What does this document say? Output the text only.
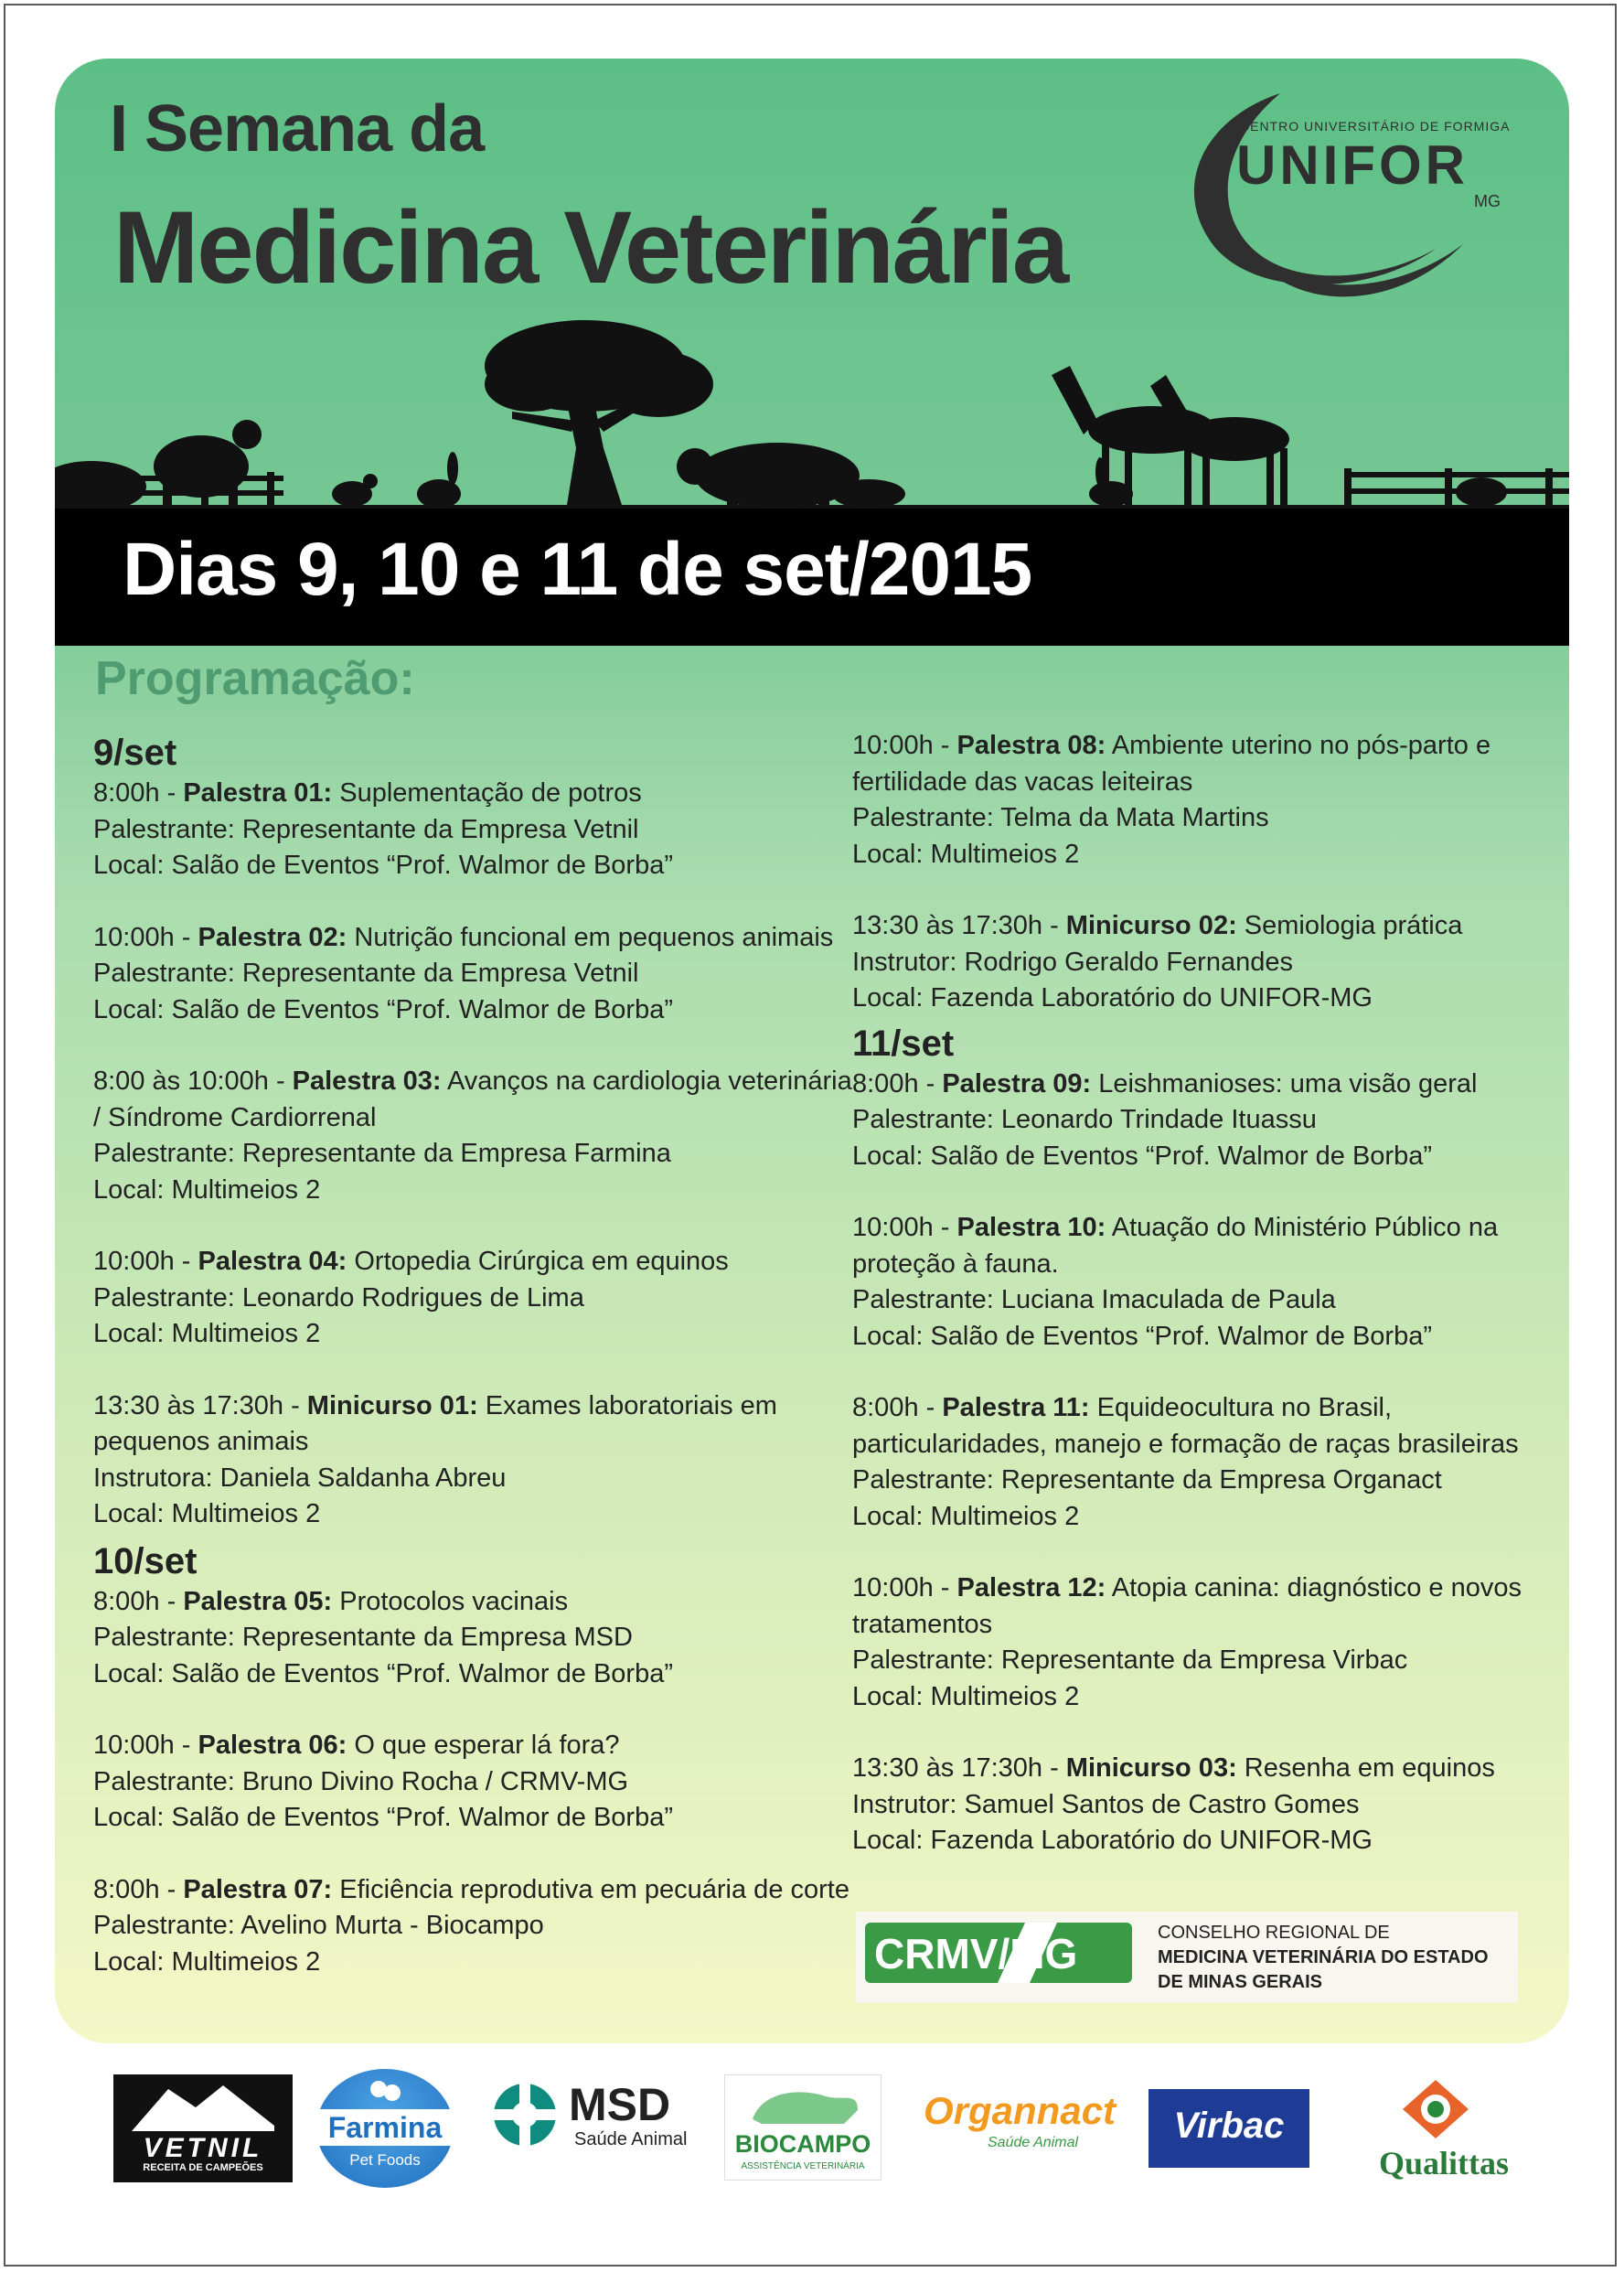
I Semana da
Medicina Veterinária
CENTRO UNIVERSITÁRIO DE FORMIGA
UNIFOR
MG
Dias 9, 10 e 11 de set/2015
Programação:
9/set
8:00h - Palestra 01: Suplementação de potros
Palestrante: Representante da Empresa Vetnil
Local: Salão de Eventos “Prof. Walmor de Borba”
10:00h - Palestra 02: Nutrição funcional em pequenos animais
Palestrante: Representante da Empresa Vetnil
Local: Salão de Eventos “Prof. Walmor de Borba”
8:00 às 10:00h - Palestra 03: Avanços na cardiologia veterinária
/ Síndrome Cardiorrenal
Palestrante: Representante da Empresa Farmina
Local: Multimeios 2
10:00h - Palestra 04: Ortopedia Cirúrgica em equinos
Palestrante: Leonardo Rodrigues de Lima
Local: Multimeios 2
13:30 às 17:30h - Minicurso 01: Exames laboratoriais em
pequenos animais
Instrutora: Daniela Saldanha Abreu
Local: Multimeios 2
10/set
8:00h - Palestra 05: Protocolos vacinais
Palestrante: Representante da Empresa MSD
Local: Salão de Eventos “Prof. Walmor de Borba”
10:00h - Palestra 06: O que esperar lá fora?
Palestrante: Bruno Divino Rocha / CRMV-MG
Local: Salão de Eventos “Prof. Walmor de Borba”
8:00h - Palestra 07: Eficiência reprodutiva em pecuária de corte
Palestrante: Avelino Murta - Biocampo
Local: Multimeios 2
10:00h - Palestra 08: Ambiente uterino no pós-parto e
fertilidade das vacas leiteiras
Palestrante: Telma da Mata Martins
Local: Multimeios 2
13:30 às 17:30h - Minicurso 02: Semiologia prática
Instrutor: Rodrigo Geraldo Fernandes
Local: Fazenda Laboratório do UNIFOR-MG
11/set
8:00h - Palestra 09: Leishmanioses: uma visão geral
Palestrante: Leonardo Trindade Ituassu
Local: Salão de Eventos “Prof. Walmor de Borba”
10:00h - Palestra 10: Atuação do Ministério Público na
proteção à fauna.
Palestrante: Luciana Imaculada de Paula
Local: Salão de Eventos “Prof. Walmor de Borba”
8:00h - Palestra 11: Equideocultura no Brasil,
particularidades, manejo e formação de raças brasileiras
Palestrante: Representante da Empresa Organact
Local: Multimeios 2
10:00h - Palestra 12: Atopia canina: diagnóstico e novos
tratamentos
Palestrante: Representante da Empresa Virbac
Local: Multimeios 2
13:30 às 17:30h - Minicurso 03: Resenha em equinos
Instrutor: Samuel Santos de Castro Gomes
Local: Fazenda Laboratório do UNIFOR-MG
CRMV/MG	CONSELHO REGIONAL DE
MEDICINA VETERINÁRIA DO ESTADO
DE MINAS GERAIS
VETNIL
RECEITA DE CAMPEÕES
Farmina
Pet Foods
MSD
Saúde Animal	BIOCAMPO
ASSISTÊNCIA VETERINÁRIA
Organnact
Saúde Animal	Virbac
Qualittas
